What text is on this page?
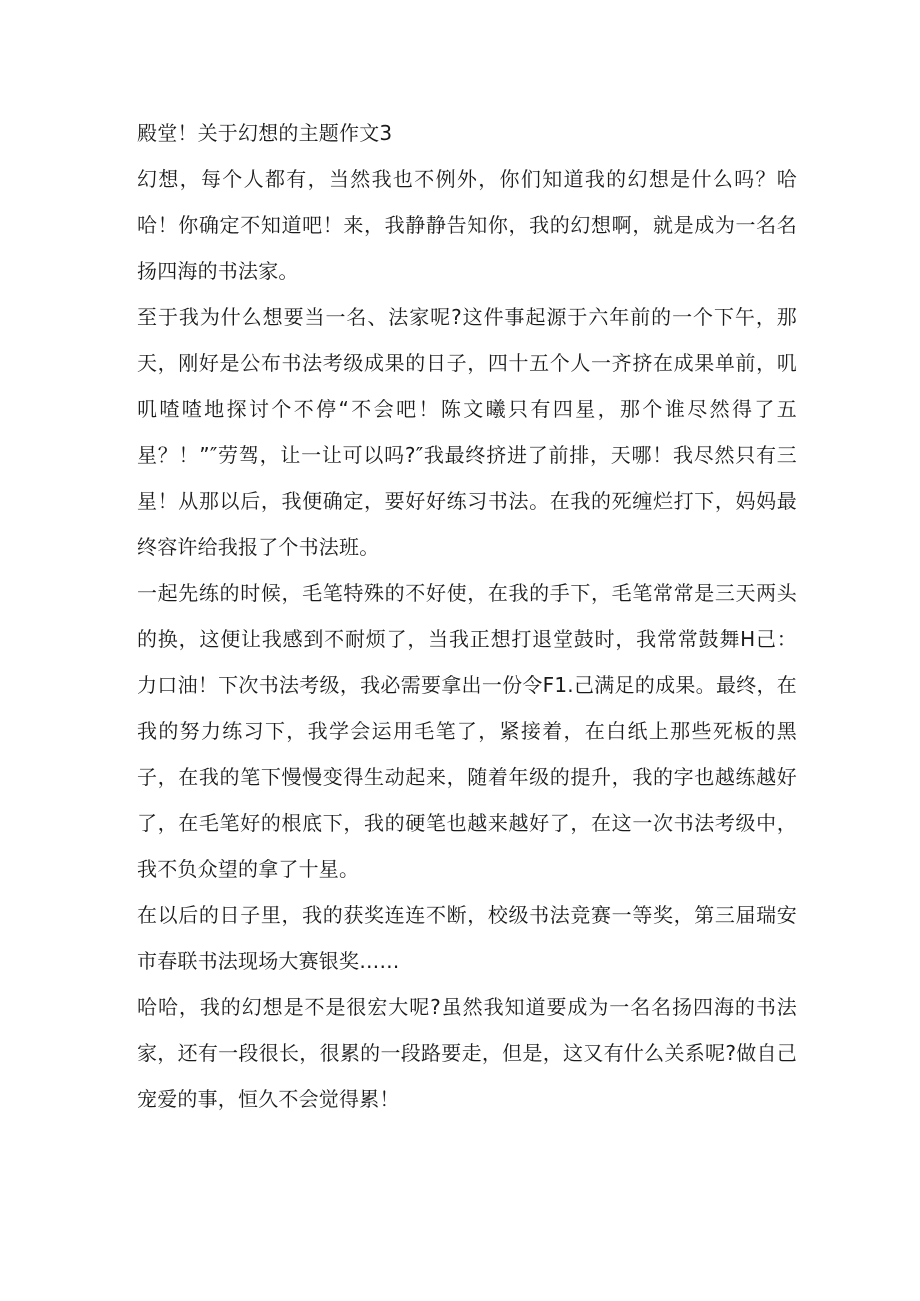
殿堂！关于幻想的主题作文3

幻想，每个人都有，当然我也不例外，你们知道我的幻想是什么吗？哈哈！你确定不知道吧！来，我静静告知你，我的幻想啊，就是成为一名名扬四海的书法家。

至于我为什么想要当一名、法家呢?这件事起源于六年前的一个下午，那天，刚好是公布书法考级成果的日子，四十五个人一齐挤在成果单前，叽叽喳喳地探讨个不停“不会吧！陈文曦只有四星，那个谁尽然得了五星？！”″劳驾，让一让可以吗?″我最终挤进了前排，天哪！我尽然只有三星！从那以后，我便确定，要好好练习书法。在我的死缠烂打下，妈妈最终容许给我报了个书法班。

一起先练的时候，毛笔特殊的不好使，在我的手下，毛笔常常是三天两头的换，这便让我感到不耐烦了，当我正想打退堂鼓时，我常常鼓舞H己：力口油！下次书法考级，我必需要拿出一份令F1.己满足的成果。最终，在我的努力练习下，我学会运用毛笔了，紧接着，在白纸上那些死板的黑子，在我的笔下慢慢变得生动起来，随着年级的提升，我的字也越练越好了，在毛笔好的根底下，我的硬笔也越来越好了，在这一次书法考级中，我不负众望的拿了十星。

在以后的日子里，我的获奖连连不断，校级书法竞赛一等奖，第三届瑞安市春联书法现场大赛银奖……

哈哈，我的幻想是不是很宏大呢?虽然我知道要成为一名名扬四海的书法家，还有一段很长，很累的一段路要走，但是，这又有什么关系呢?做自己宠爱的事，恒久不会觉得累！
